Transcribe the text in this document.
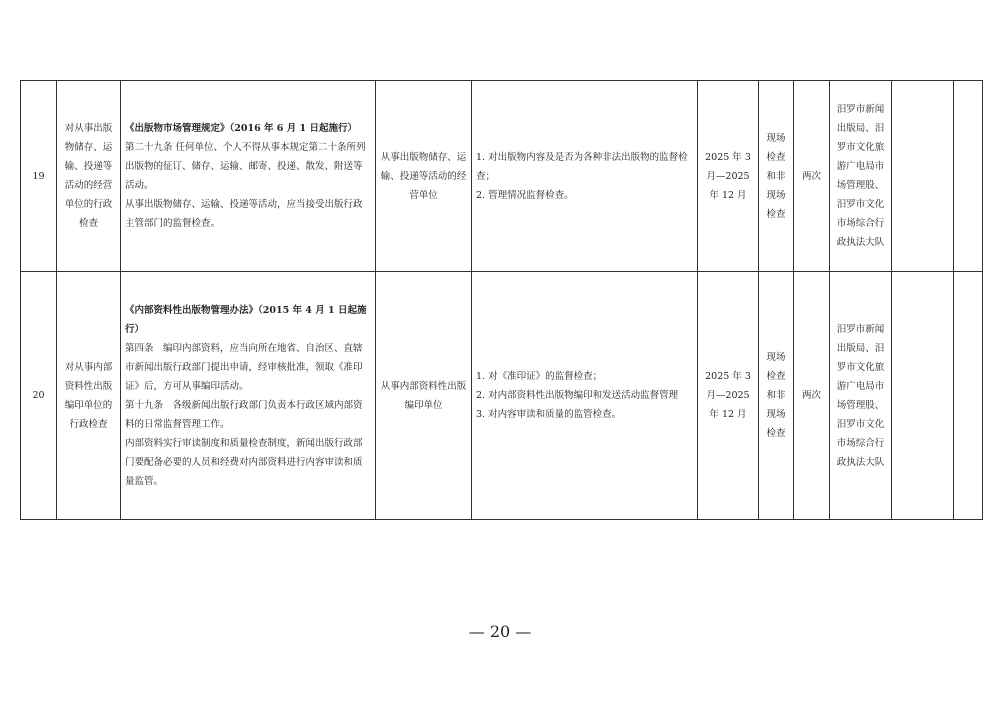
19	对从事出版物储存、运输、投递等活动的经营单位的行政检查	《出版物市场管理规定》（2016 年 6 月 1 日起施行）
第二十九条 任何单位、个人不得从事本规定第二十条所列出版物的征订、储存、运输、邮寄、投递、散发、附送等活动。
从事出版物储存、运输、投递等活动，应当接受出版行政主管部门的监督检查。	从事出版物储存、运输、投递等活动的经营单位	1. 对出版物内容及是否为各种非法出版物的监督检查；
2. 管理情况监督检查。	2025 年 3 月—2025 年 12 月	现场检查和非现场检查	两次	汨罗市新闻出版局、汨罗市文化旅游广电局市场管理股、汨罗市文化市场综合行政执法大队		
20	对从事内部资料性出版编印单位的行政检查	《内部资料性出版物管理办法》（2015 年 4 月 1 日起施行）
第四条　编印内部资料，应当向所在地省、自治区、直辖市新闻出版行政部门提出申请，经审核批准，领取《准印证》后，方可从事编印活动。
第十九条　各级新闻出版行政部门负责本行政区域内部资料的日常监督管理工作。
内部资料实行审读制度和质量检查制度，新闻出版行政部门要配备必要的人员和经费对内部资料进行内容审读和质量监管。	从事内部资料性出版编印单位	1. 对《准印证》的监督检查；
2. 对内部资料性出版物编印和发送活动监督管理
3. 对内容审读和质量的监管检查。	2025 年 3 月—2025 年 12 月	现场检查和非现场检查	两次	汨罗市新闻出版局、汨罗市文化旅游广电局市场管理股、汨罗市文化市场综合行政执法大队		
— 20 —
